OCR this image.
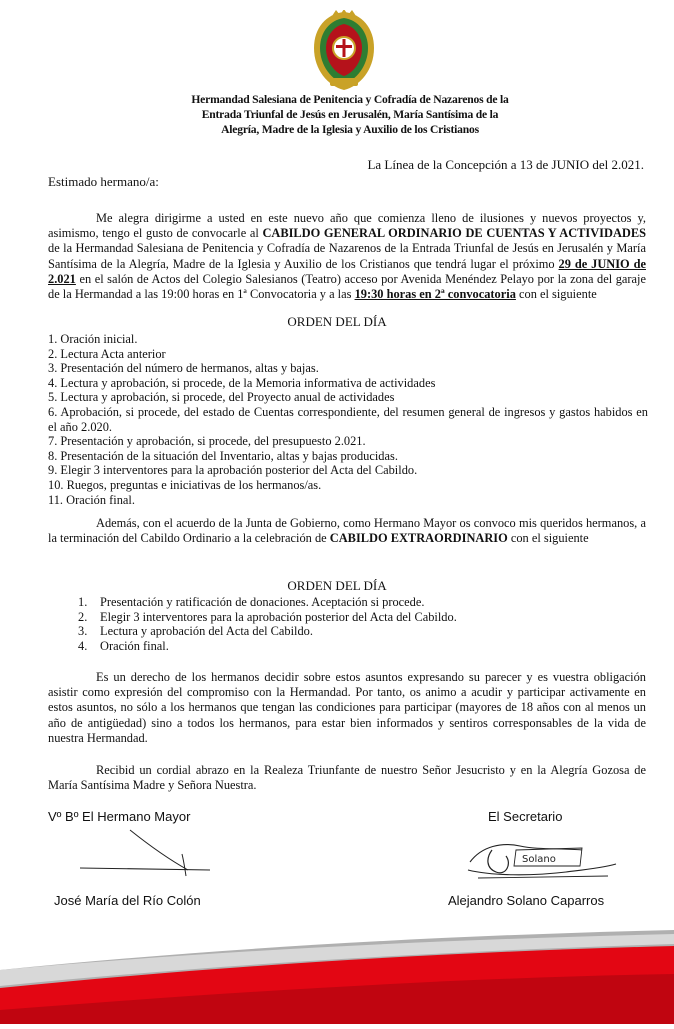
Hermandad Salesiana de Penitencia y Cofradía de Nazarenos de la
Entrada Triunfal de Jesús en Jerusalén, María Santísima de la
Alegría, Madre de la Iglesia y Auxilio de los Cristianos
La Línea de la Concepción a 13 de JUNIO del 2.021.
Estimado hermano/a:
Me alegra dirigirme a usted en este nuevo año que comienza lleno de ilusiones y nuevos proyectos y, asimismo, tengo el gusto de convocarle al CABILDO GENERAL ORDINARIO DE CUENTAS Y ACTIVIDADES de la Hermandad Salesiana de Penitencia y Cofradía de Nazarenos de la Entrada Triunfal de Jesús en Jerusalén y María Santísima de la Alegría, Madre de la Iglesia y Auxilio de los Cristianos que tendrá lugar el próximo 29 de JUNIO de 2.021 en el salón de Actos del Colegio Salesianos (Teatro) acceso por Avenida Menéndez Pelayo por la zona del garaje de la Hermandad a las 19:00 horas en 1ª Convocatoria y a las 19:30 horas en 2ª convocatoria con el siguiente
ORDEN DEL DÍA
1. Oración inicial.
2. Lectura Acta anterior
3. Presentación del número de hermanos, altas y bajas.
4. Lectura y aprobación, si procede, de la Memoria informativa de actividades
5. Lectura y aprobación, si procede, del Proyecto anual de actividades
6. Aprobación, si procede, del estado de Cuentas correspondiente, del resumen general de ingresos y gastos habidos en el año 2.020.
7. Presentación y aprobación, si procede, del presupuesto 2.021.
8. Presentación de la situación del Inventario, altas y bajas producidas.
9. Elegir 3 interventores para la aprobación posterior del Acta del Cabildo.
10. Ruegos, preguntas e iniciativas de los hermanos/as.
11. Oración final.
Además, con el acuerdo de la Junta de Gobierno, como Hermano Mayor os convoco mis queridos hermanos, a la terminación del Cabildo Ordinario a la celebración de CABILDO EXTRAORDINARIO con el siguiente
ORDEN DEL DÍA
1. Presentación y ratificación de donaciones. Aceptación si procede.
2. Elegir 3 interventores para la aprobación posterior del Acta del Cabildo.
3. Lectura y aprobación del Acta del Cabildo.
4. Oración final.
Es un derecho de los hermanos decidir sobre estos asuntos expresando su parecer y es vuestra obligación asistir como expresión del compromiso con la Hermandad. Por tanto, os animo a acudir y participar activamente en estos asuntos, no sólo a los hermanos que tengan las condiciones para participar (mayores de 18 años con al menos un año de antigüedad) sino a todos los hermanos, para estar bien informados y sentiros corresponsables de la vida de nuestra Hermandad.
Recibid un cordial abrazo en la Realeza Triunfante de nuestro Señor Jesucristo y en la Alegría Gozosa de María Santísima Madre y Señora Nuestra.
Vº Bº El Hermano Mayor	El Secretario
Solano
José María del Río Colón	Alejandro Solano Caparros
